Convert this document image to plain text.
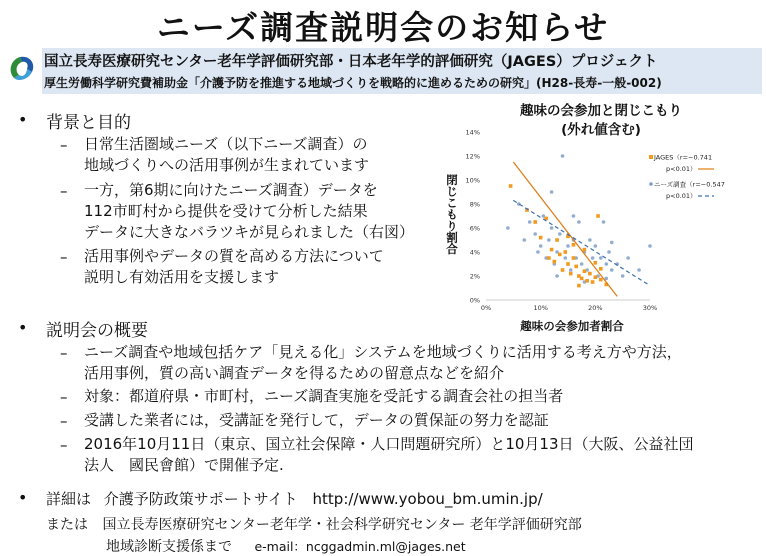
ニーズ調査説明会のお知らせ
国立長寿医療研究センター老年学評価研究部・日本老年学的評価研究（JAGES）プロジェクト
厚生労働科学研究費補助金「介護予防を推進する地域づくりを戦略的に進めるための研究」(H28-長寿-一般-002)
• 背景と目的
– 日常生活圏域ニーズ（以下ニーズ調査）の
地域づくりへの活用事例が生まれています
– 一方，第6期に向けたニーズ調査）データを
112市町村から提供を受けて分析した結果
データに大きなバラツキが見られました（右図）
– 活用事例やデータの質を高める方法について
説明し有効活用を支援します
趣味の会参加と閉じこもり
(外れ値含む)
0%
2%
4%
6%
8%
10%
12%
14%
0%	10%	20%	30%
閉じこもり割合
趣味の会参加者割合
JAGES（r=−0.741
p<0.01）
ニーズ調査（r=−0.547
p<0.01）
• 説明会の概要
– ニーズ調査や地域包括ケア「見える化」システムを地域づくりに活用する考え方や方法，
活用事例，質の高い調査データを得るための留意点などを紹介
– 対象：都道府県・市町村，ニーズ調査実施を受託する調査会社の担当者
– 受講した業者には，受講証を発行して，データの質保証の努力を認証
– 2016年10月11日（東京、国立社会保障・人口問題研究所）と10月13日（大阪、公益社団
法人　國民會館）で開催予定.
• 詳細は 介護予防政策サポートサイト http://www.yobou_bm.umin.jp/
または 国立長寿医療研究センター老年学・社会科学研究センター 老年学評価研究部
地域診断支援係まで e-mail：ncggadmin.ml@jages.net
